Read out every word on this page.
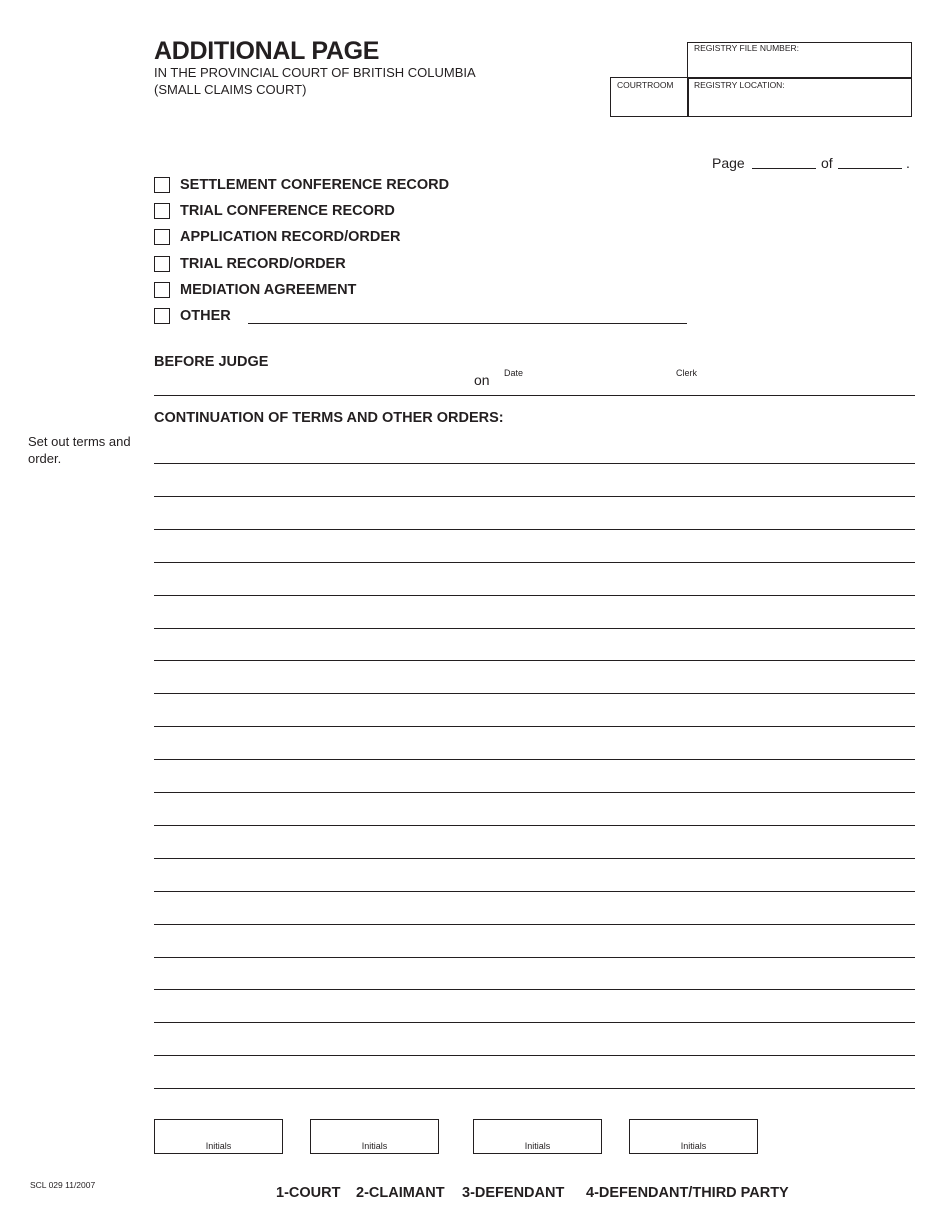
ADDITIONAL PAGE
IN THE PROVINCIAL COURT OF BRITISH COLUMBIA
(SMALL CLAIMS COURT)
REGISTRY FILE NUMBER:
COURTROOM REGISTRY LOCATION:
Page	of	.
SETTLEMENT CONFERENCE RECORD
TRIAL CONFERENCE RECORD
APPLICATION RECORD/ORDER
TRIAL RECORD/ORDER
MEDIATION AGREEMENT
OTHER
BEFORE JUDGE
on Date	Clerk
CONTINUATION OF TERMS AND OTHER ORDERS:
Set out terms and order.
Initials	Initials	Initials	Initials
SCL 029 11/2007	1-COURT 2-CLAIMANT 3-DEFENDANT 4-DEFENDANT/THIRD PARTY
